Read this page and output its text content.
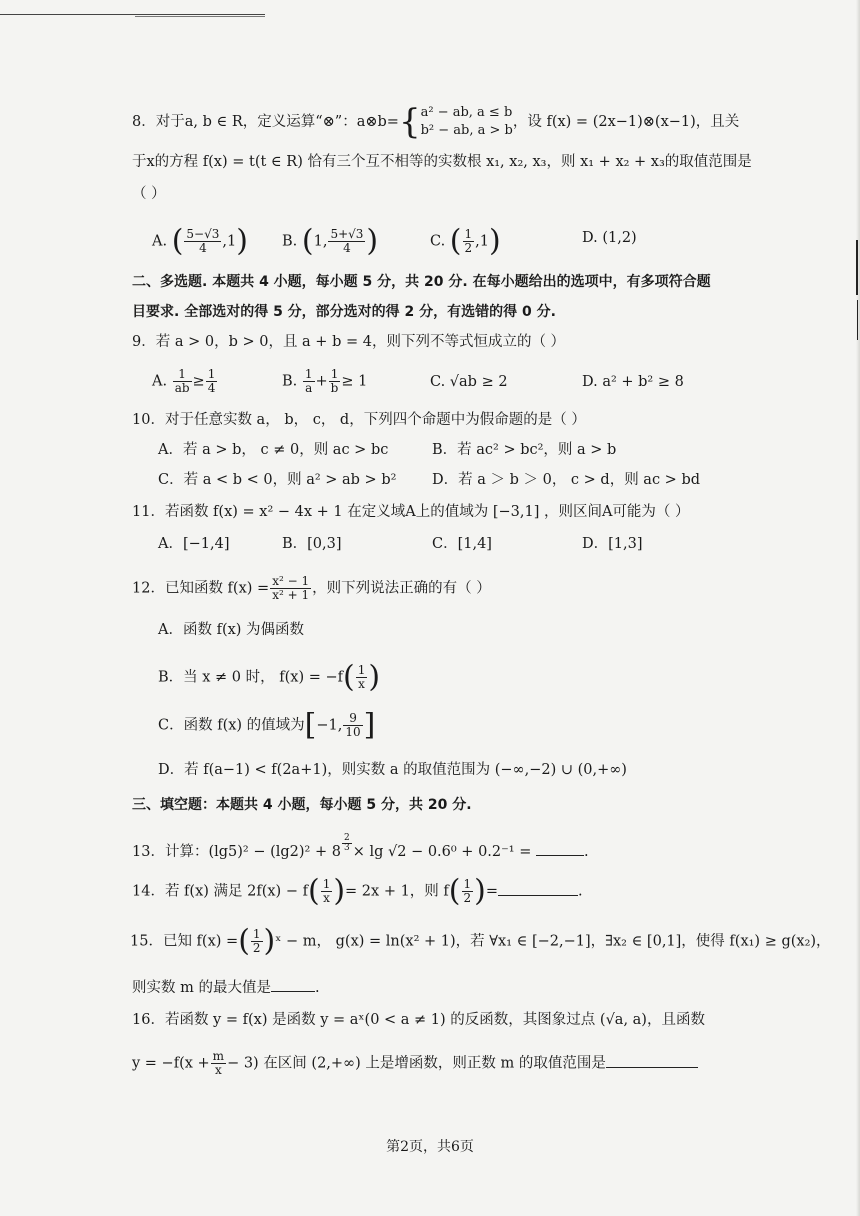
8．对于a, b ∈ R，定义运算“⊗”：a⊗b={ a² − ab, a ≤ b
b² − ab, a > b
，设 f(x) = (2x−1)⊗(x−1)，且关
于x的方程 f(x) = t(t ∈ R) 恰有三个互不相等的实数根 x₁, x₂, x₃，则 x₁ + x₂ + x₃的取值范围是
（ ）
A. ( $\frac{5-√3}{4} ,1$) B. (1, $\frac{5+√3}{4}$ )	C. ( $\frac{1}{2} ,1$)	D. (1,2)
二、多选题. 本题共 4 小题，每小题 5 分，共 20 分. 在每小题给出的选项中，有多项符合题
目要求. 全部选对的得 5 分，部分选对的得 2 分，有选错的得 0 分.
9．若 a > 0，b > 0，且 a + b = 4，则下列不等式恒成立的（ ）
A. $\frac{1}{ab} \ge \frac{1}{4}$	B. $\frac{1}{a} + \frac{1}{b} \ge 1$	C. √ab ≥ 2	D. a² + b² ≥ 8
10．对于任意实数 a， b， c， d，下列四个命题中为假命题的是（ ）
A．若 a > b， c ≠ 0，则 ac > bc	B．若 ac² > bc²，则 a > b
C．若 a < b < 0，则 a² > ab > b² D．若 a ＞ b ＞ 0， c > d，则 ac > bd
11．若函数 f(x) = x² − 4x + 1 在定义域A上的值域为 [−3,1] ，则区间A可能为（ ）
A．[−1,4]	B．[0,3]	C．[1,4]	D．[1,3]
12．已知函数 $f(x) = \frac{\text{x² − 1}}{\text{x² + 1}}$ ，则下列说法正确的有（ ）
A．函数 f(x) 为偶函数
B．当 x ≠ 0 时， $f(x) = -f( \frac{1}{x}$ )
C．函数 f(x) 的值域为[−1, $\frac{9}{10}$ ]
D．若 f(a−1) < f(2a+1)，则实数 a 的取值范围为 (−∞,−2) ∪ (0,+∞)
三、填空题：本题共 4 小题，每小题 5 分，共 20 分.
13．计算：$(\lg 5)^2 - (\lg 2)^2 + 8 \frac{2}{3} \times \lg √2 - 0.6^0 + 0.2^{-1}$ =	.
14．若 f(x) 满足 $2f(x) - f( \frac{1}{x}$ )= 2x + 1，则 $f( \frac{1}{2}$ )=	.
15．已知 f(x) =( $\frac{1}{2}$ )ˣ − m， g(x) = ln(x² + 1)，若 ∀x₁ ∈ [−2,−1]，∃x₂ ∈ [0,1]，使得 f(x₁) ≥ g(x₂)，
则实数 m 的最大值是	.
16．若函数 y = f(x) 是函数 y = aˣ(0 < a ≠ 1) 的反函数，其图象过点 (√a, a)，且函数
$y = -f(x + \frac{m}{x} - 3)$ 在区间 (2,+∞) 上是增函数，则正数 m 的取值范围是
第2页，共6页
